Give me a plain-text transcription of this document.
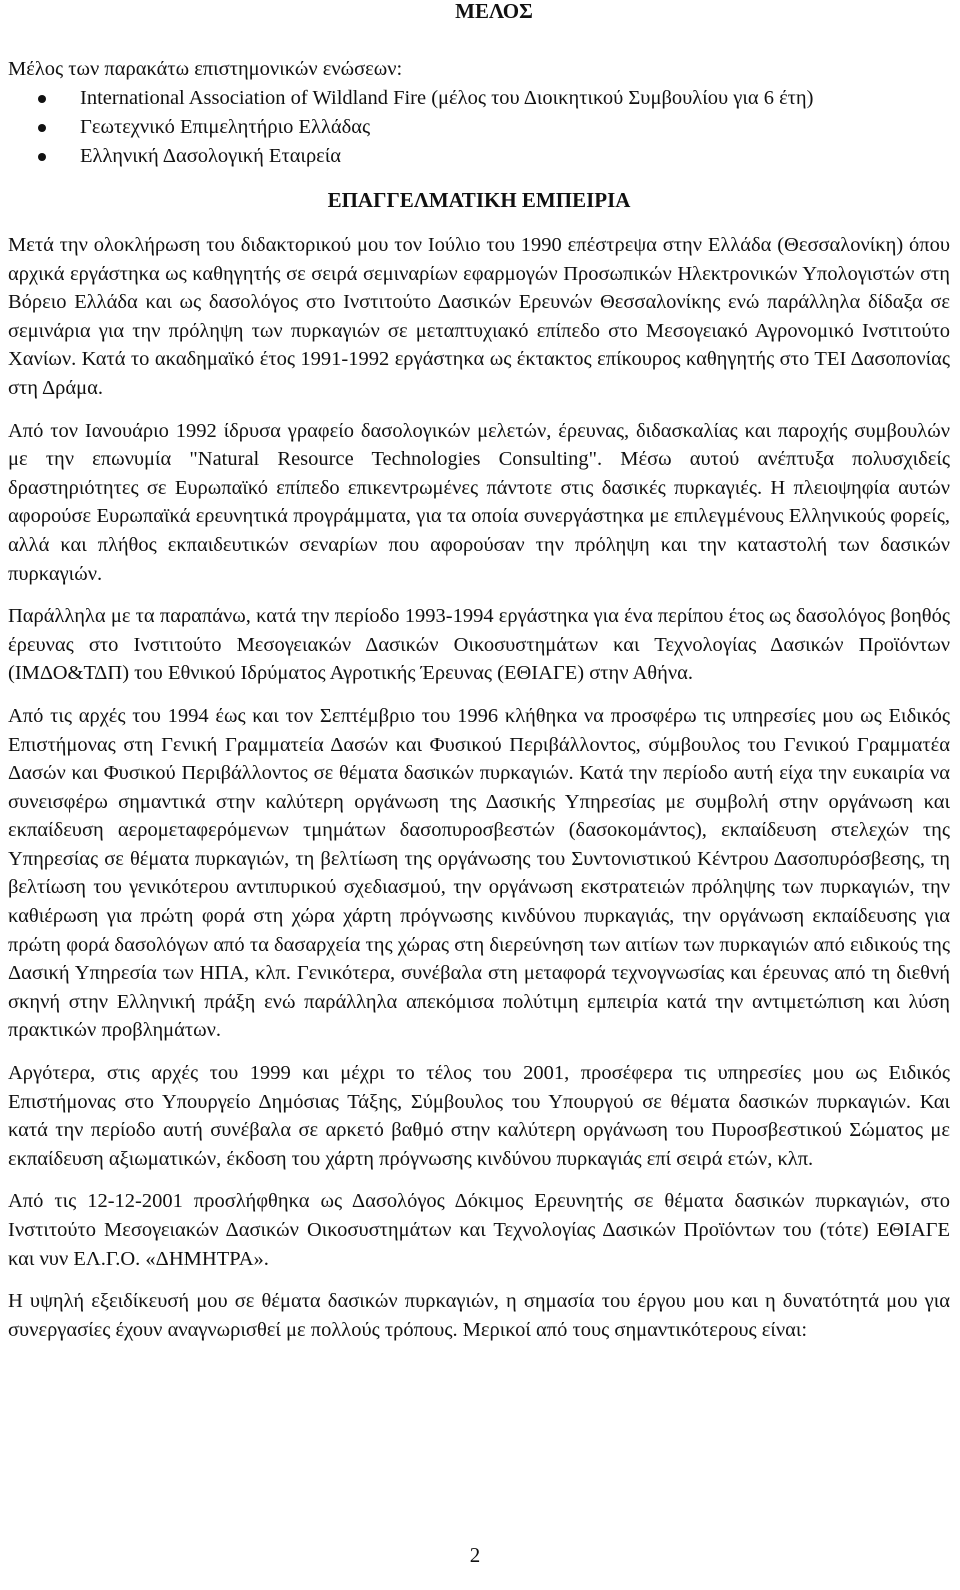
ΜΕΛΟΣ

Μέλος των παρακάτω επιστημονικών ενώσεων:

International Association of Wildland Fire (μέλος του Διοικητικού Συμβουλίου για 6 έτη)
Γεωτεχνικό Επιμελητήριο Ελλάδας
Ελληνική Δασολογική Εταιρεία
ΕΠΑΓΓΕΛΜΑΤΙΚΗ ΕΜΠΕΙΡΙΑ

Μετά την ολοκλήρωση του διδακτορικού μου τον Ιούλιο του 1990 επέστρεψα στην Ελλάδα (Θεσσαλονίκη) όπου αρχικά εργάστηκα ως καθηγητής σε σειρά σεμιναρίων εφαρμογών Προσωπικών Ηλεκτρονικών Υπολογιστών στη Βόρειο Ελλάδα και ως δασολόγος στο Ινστιτούτο Δασικών Ερευνών Θεσσαλονίκης ενώ παράλληλα δίδαξα σε σεμινάρια για την πρόληψη των πυρκαγιών σε μεταπτυχιακό επίπεδο στο Μεσογειακό Αγρονομικό Ινστιτούτο Χανίων. Κατά το ακαδημαϊκό έτος 1991-1992 εργάστηκα ως έκτακτος επίκουρος καθηγητής στο ΤΕΙ Δασοπονίας στη Δράμα.

Από τον Ιανουάριο 1992 ίδρυσα γραφείο δασολογικών μελετών, έρευνας, διδασκαλίας και παροχής συμβουλών με την επωνυμία "Natural Resource Technologies Consulting". Μέσω αυτού ανέπτυξα πολυσχιδείς δραστηριότητες σε Ευρωπαϊκό επίπεδο επικεντρωμένες πάντοτε στις δασικές πυρκαγιές. Η πλειοψηφία αυτών αφορούσε Ευρωπαϊκά ερευνητικά προγράμματα, για τα οποία συνεργάστηκα με επιλεγμένους Ελληνικούς φορείς, αλλά και πλήθος εκπαιδευτικών σεναρίων που αφορούσαν την πρόληψη και την καταστολή των δασικών πυρκαγιών.

Παράλληλα με τα παραπάνω, κατά την περίοδο 1993-1994 εργάστηκα για ένα περίπου έτος ως δασολόγος βοηθός έρευνας στο Ινστιτούτο Μεσογειακών Δασικών Οικοσυστημάτων και Τεχνολογίας Δασικών Προϊόντων (ΙΜΔΟ&ΤΔΠ) του Εθνικού Ιδρύματος Αγροτικής Έρευνας (ΕΘΙΑΓΕ) στην Αθήνα.

Από τις αρχές του 1994 έως και τον Σεπτέμβριο του 1996 κλήθηκα να προσφέρω τις υπηρεσίες μου ως Ειδικός Επιστήμονας στη Γενική Γραμματεία Δασών και Φυσικού Περιβάλλοντος, σύμβουλος του Γενικού Γραμματέα Δασών και Φυσικού Περιβάλλοντος σε θέματα δασικών πυρκαγιών. Κατά την περίοδο αυτή είχα την ευκαιρία να συνεισφέρω σημαντικά στην καλύτερη οργάνωση της Δασικής Υπηρεσίας με συμβολή στην οργάνωση και εκπαίδευση αερομεταφερόμενων τμημάτων δασοπυροσβεστών (δασοκομάντος), εκπαίδευση στελεχών της Υπηρεσίας σε θέματα πυρκαγιών, τη βελτίωση της οργάνωσης του Συντονιστικού Κέντρου Δασοπυρόσβεσης, τη βελτίωση του γενικότερου αντιπυρικού σχεδιασμού, την οργάνωση εκστρατειών πρόληψης των πυρκαγιών, την καθιέρωση για πρώτη φορά στη χώρα χάρτη πρόγνωσης κινδύνου πυρκαγιάς, την οργάνωση εκπαίδευσης για πρώτη φορά δασολόγων από τα δασαρχεία της χώρας στη διερεύνηση των αιτίων των πυρκαγιών από ειδικούς της Δασική Υπηρεσία των ΗΠΑ, κλπ. Γενικότερα, συνέβαλα στη μεταφορά τεχνογνωσίας και έρευνας από τη διεθνή σκηνή στην Ελληνική πράξη ενώ παράλληλα απεκόμισα πολύτιμη εμπειρία κατά την αντιμετώπιση και λύση πρακτικών προβλημάτων.

Αργότερα, στις αρχές του 1999 και μέχρι το τέλος του 2001, προσέφερα τις υπηρεσίες μου ως Ειδικός Επιστήμονας στο Υπουργείο Δημόσιας Τάξης, Σύμβουλος του Υπουργού σε θέματα δασικών πυρκαγιών. Και κατά την περίοδο αυτή συνέβαλα σε αρκετό βαθμό στην καλύτερη οργάνωση του Πυροσβεστικού Σώματος με εκπαίδευση αξιωματικών, έκδοση του χάρτη πρόγνωσης κινδύνου πυρκαγιάς επί σειρά ετών, κλπ.

Από τις 12-12-2001 προσλήφθηκα ως Δασολόγος Δόκιμος Ερευνητής σε θέματα δασικών πυρκαγιών, στο Ινστιτούτο Μεσογειακών Δασικών Οικοσυστημάτων και Τεχνολογίας Δασικών Προϊόντων του (τότε) ΕΘΙΑΓΕ και νυν ΕΛ.Γ.Ο. «ΔΗΜΗΤΡΑ».

Η υψηλή εξειδίκευσή μου σε θέματα δασικών πυρκαγιών, η σημασία του έργου μου και η δυνατότητά μου για συνεργασίες έχουν αναγνωρισθεί με πολλούς τρόπους. Μερικοί από τους σημαντικότερους είναι:

2
